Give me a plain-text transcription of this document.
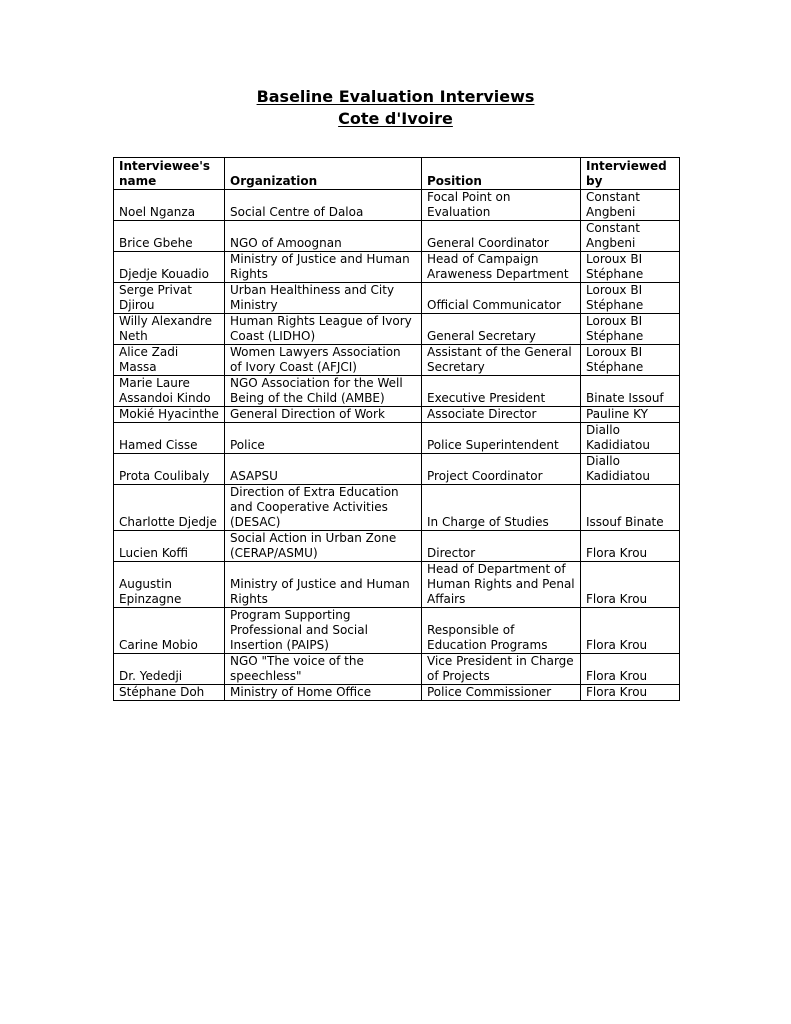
Baseline Evaluation Interviews
Cote d'Ivoire
Interviewee's name	Organization	Position	Interviewed by
Noel Nganza	Social Centre of Daloa	Focal Point on Evaluation	Constant Angbeni
Brice Gbehe	NGO of Amoognan	General Coordinator	Constant Angbeni
Djedje Kouadio	Ministry of Justice and Human Rights	Head of Campaign Araweness Department	Loroux BI Stéphane
Serge Privat Djirou	Urban Healthiness and City Ministry	Official Communicator	Loroux BI Stéphane
Willy Alexandre Neth	Human Rights League of Ivory Coast (LIDHO)	General Secretary	Loroux BI Stéphane
Alice Zadi Massa	Women Lawyers Association of Ivory Coast (AFJCI)	Assistant of the General Secretary	Loroux BI Stéphane
Marie Laure Assandoi Kindo	NGO Association for the Well Being of the Child (AMBE)	Executive President	Binate Issouf
Mokié Hyacinthe	General Direction of Work	Associate Director	Pauline KY
Hamed Cisse	Police	Police Superintendent	Diallo Kadidiatou
Prota Coulibaly	ASAPSU	Project Coordinator	Diallo Kadidiatou
Charlotte Djedje	Direction of Extra Education and Cooperative Activities (DESAC)	In Charge of Studies	Issouf Binate
Lucien Koffi	Social Action in Urban Zone (CERAP/ASMU)	Director	Flora Krou
Augustin Epinzagne	Ministry of Justice and Human Rights	Head of Department of Human Rights and Penal Affairs	Flora Krou
Carine Mobio	Program Supporting Professional and Social Insertion (PAIPS)	Responsible of Education Programs	Flora Krou
Dr. Yededji	NGO "The voice of the speechless"	Vice President in Charge of Projects	Flora Krou
Stéphane Doh	Ministry of Home Office	Police Commissioner	Flora Krou
